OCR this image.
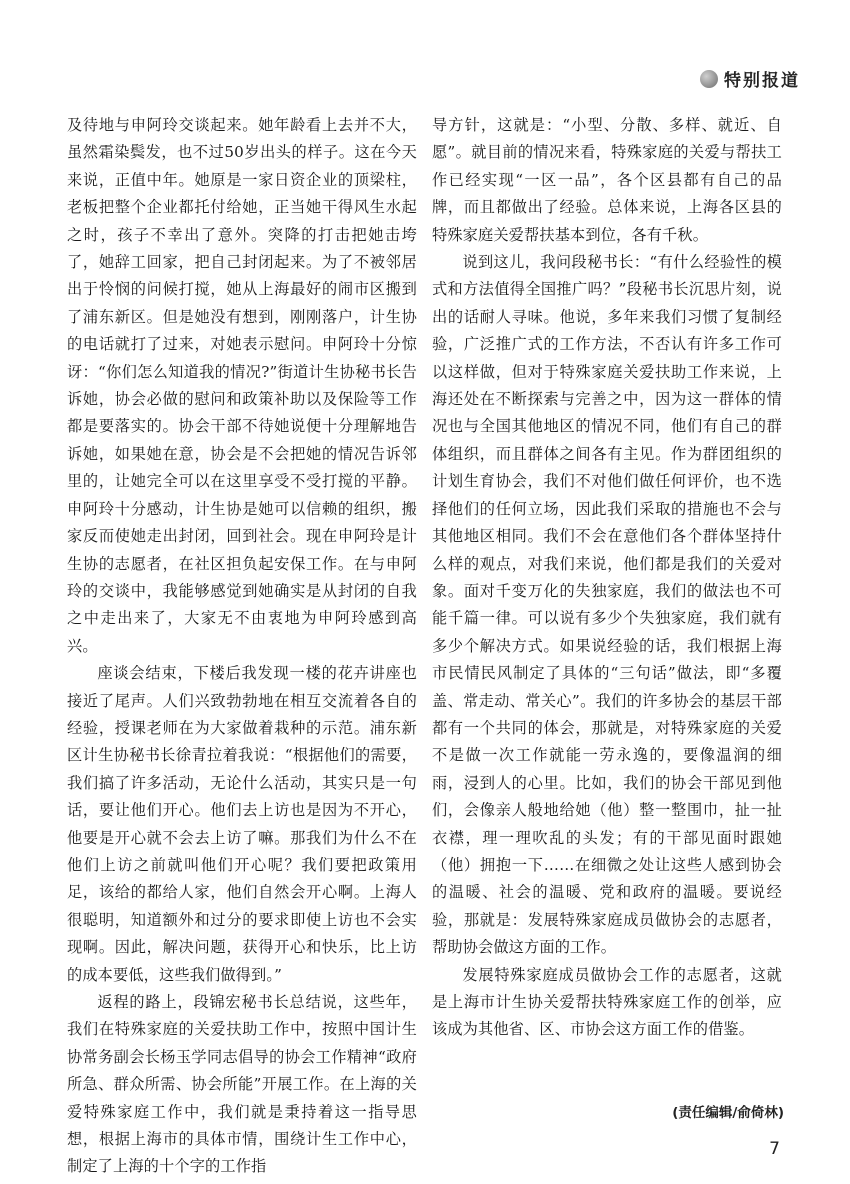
特别报道

及待地与申阿玲交谈起来。她年龄看上去并不大，虽然霜染鬓发，也不过50岁出头的样子。这在今天来说，正值中年。她原是一家日资企业的顶梁柱，老板把整个企业都托付给她，正当她干得风生水起之时，孩子不幸出了意外。突降的打击把她击垮了，她辞工回家，把自己封闭起来。为了不被邻居出于怜悯的问候打搅，她从上海最好的闹市区搬到了浦东新区。但是她没有想到，刚刚落户，计生协的电话就打了过来，对她表示慰问。申阿玲十分惊讶：“你们怎么知道我的情况?”街道计生协秘书长告诉她，协会必做的慰问和政策补助以及保险等工作都是要落实的。协会干部不待她说便十分理解地告诉她，如果她在意，协会是不会把她的情况告诉邻里的，让她完全可以在这里享受不受打搅的平静。申阿玲十分感动，计生协是她可以信赖的组织，搬家反而使她走出封闭，回到社会。现在申阿玲是计生协的志愿者，在社区担负起安保工作。在与申阿玲的交谈中，我能够感觉到她确实是从封闭的自我之中走出来了，大家无不由衷地为申阿玲感到高兴。

座谈会结束，下楼后我发现一楼的花卉讲座也接近了尾声。人们兴致勃勃地在相互交流着各自的经验，授课老师在为大家做着栽种的示范。浦东新区计生协秘书长徐青拉着我说：“根据他们的需要，我们搞了许多活动，无论什么活动，其实只是一句话，要让他们开心。他们去上访也是因为不开心，他要是开心就不会去上访了嘛。那我们为什么不在他们上访之前就叫他们开心呢？我们要把政策用足，该给的都给人家，他们自然会开心啊。上海人很聪明，知道额外和过分的要求即使上访也不会实现啊。因此，解决问题，获得开心和快乐，比上访的成本要低，这些我们做得到。”

返程的路上，段锦宏秘书长总结说，这些年，我们在特殊家庭的关爱扶助工作中，按照中国计生协常务副会长杨玉学同志倡导的协会工作精神“政府所急、群众所需、协会所能”开展工作。在上海的关爱特殊家庭工作中，我们就是秉持着这一指导思想，根据上海市的具体市情，围绕计生工作中心，制定了上海的十个字的工作指

导方针，这就是：“小型、分散、多样、就近、自愿”。就目前的情况来看，特殊家庭的关爱与帮扶工作已经实现“一区一品”，各个区县都有自己的品牌，而且都做出了经验。总体来说，上海各区县的特殊家庭关爱帮扶基本到位，各有千秋。

说到这儿，我问段秘书长：“有什么经验性的模式和方法值得全国推广吗？”段秘书长沉思片刻，说出的话耐人寻味。他说，多年来我们习惯了复制经验，广泛推广式的工作方法，不否认有许多工作可以这样做，但对于特殊家庭关爱扶助工作来说，上海还处在不断探索与完善之中，因为这一群体的情况也与全国其他地区的情况不同，他们有自己的群体组织，而且群体之间各有主见。作为群团组织的计划生育协会，我们不对他们做任何评价，也不选择他们的任何立场，因此我们采取的措施也不会与其他地区相同。我们不会在意他们各个群体坚持什么样的观点，对我们来说，他们都是我们的关爱对象。面对千变万化的失独家庭，我们的做法也不可能千篇一律。可以说有多少个失独家庭，我们就有多少个解决方式。如果说经验的话，我们根据上海市民情民风制定了具体的“三句话”做法，即“多覆盖、常走动、常关心”。我们的许多协会的基层干部都有一个共同的体会，那就是，对特殊家庭的关爱不是做一次工作就能一劳永逸的，要像温润的细雨，浸到人的心里。比如，我们的协会干部见到他们，会像亲人般地给她（他）整一整围巾，扯一扯衣襟，理一理吹乱的头发；有的干部见面时跟她（他）拥抱一下……在细微之处让这些人感到协会的温暖、社会的温暖、党和政府的温暖。要说经验，那就是：发展特殊家庭成员做协会的志愿者，帮助协会做这方面的工作。

发展特殊家庭成员做协会工作的志愿者，这就是上海市计生协关爱帮扶特殊家庭工作的创举，应该成为其他省、区、市协会这方面工作的借鉴。

(责任编辑/俞倚林)
7
